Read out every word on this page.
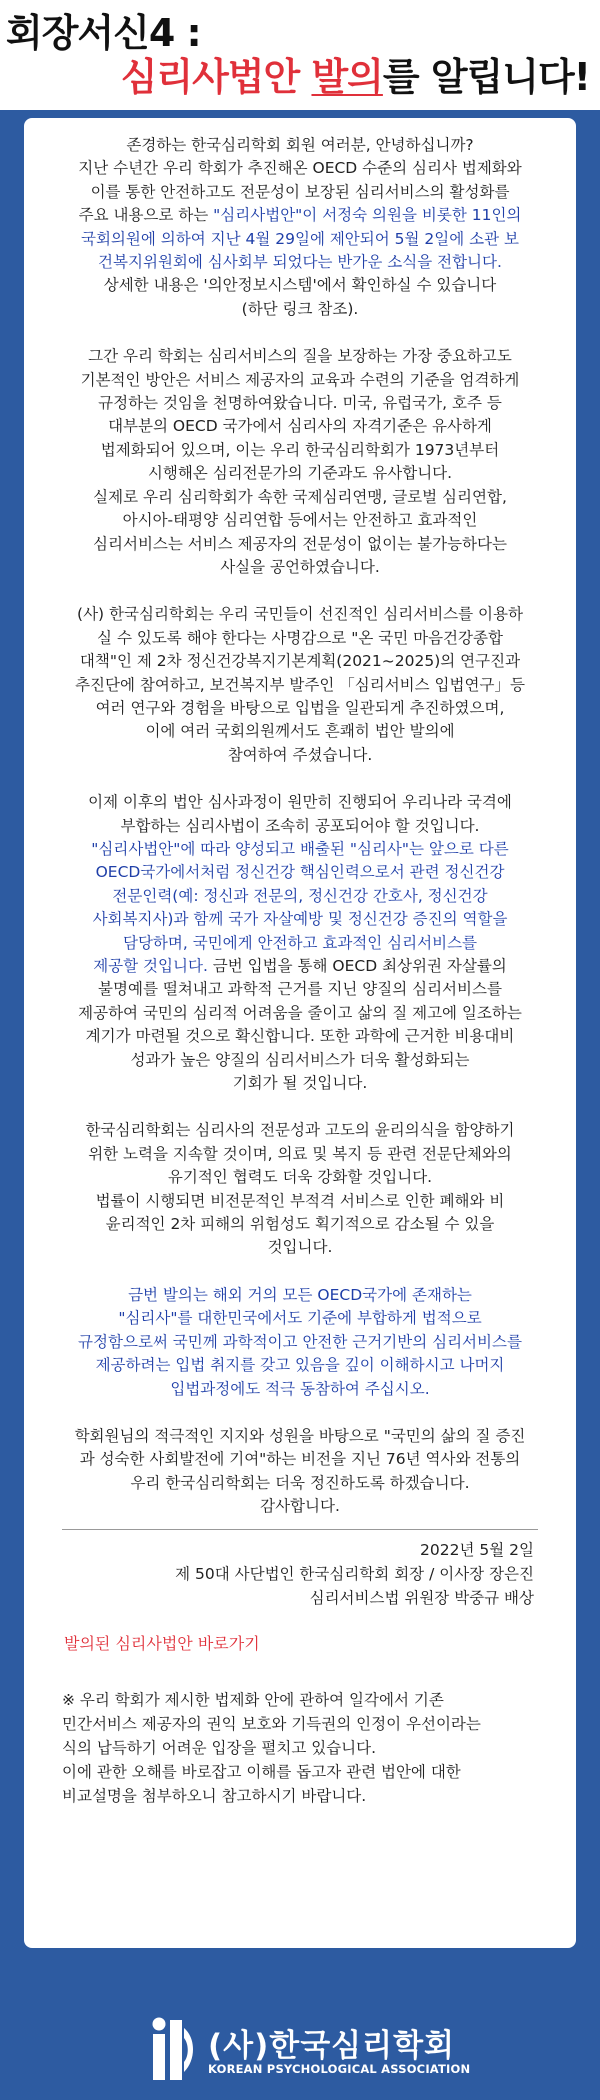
회장서신4 :
심리사법안 발의를 알립니다!
존경하는 한국심리학회 회원 여러분, 안녕하십니까?
지난 수년간 우리 학회가 추진해온 OECD 수준의 심리사 법제화와
이를 통한 안전하고도 전문성이 보장된 심리서비스의 활성화를
주요 내용으로 하는 "심리사법안"이 서정숙 의원을 비롯한 11인의
국회의원에 의하여 지난 4월 29일에 제안되어 5월 2일에 소관 보
건복지위원회에 심사회부 되었다는 반가운 소식을 전합니다.
상세한 내용은 '의안정보시스템'에서 확인하실 수 있습니다
(하단 링크 참조).
그간 우리 학회는 심리서비스의 질을 보장하는 가장 중요하고도
기본적인 방안은 서비스 제공자의 교육과 수련의 기준을 엄격하게
규정하는 것임을 천명하여왔습니다. 미국, 유럽국가, 호주 등
대부분의 OECD 국가에서 심리사의 자격기준은 유사하게
법제화되어 있으며, 이는 우리 한국심리학회가 1973년부터
시행해온 심리전문가의 기준과도 유사합니다.
실제로 우리 심리학회가 속한 국제심리연맹, 글로벌 심리연합,
아시아-태평양 심리연합 등에서는 안전하고 효과적인
심리서비스는 서비스 제공자의 전문성이 없이는 불가능하다는
사실을 공언하였습니다.
(사) 한국심리학회는 우리 국민들이 선진적인 심리서비스를 이용하
실 수 있도록 해야 한다는 사명감으로 "온 국민 마음건강종합
대책"인 제 2차 정신건강복지기본계획(2021~2025)의 연구진과
추진단에 참여하고, 보건복지부 발주인 「심리서비스 입법연구」등
여러 연구와 경험을 바탕으로 입법을 일관되게 추진하였으며,
이에 여러 국회의원께서도 흔쾌히 법안 발의에
참여하여 주셨습니다.
이제 이후의 법안 심사과정이 원만히 진행되어 우리나라 국격에
부합하는 심리사법이 조속히 공포되어야 할 것입니다.
"심리사법안"에 따라 양성되고 배출된 "심리사"는 앞으로 다른
OECD국가에서처럼 정신건강 핵심인력으로서 관련 정신건강
전문인력(예: 정신과 전문의, 정신건강 간호사, 정신건강
사회복지사)과 함께 국가 자살예방 및 정신건강 증진의 역할을
담당하며, 국민에게 안전하고 효과적인 심리서비스를
제공할 것입니다. 금번 입법을 통해 OECD 최상위권 자살률의
불명예를 떨쳐내고 과학적 근거를 지닌 양질의 심리서비스를
제공하여 국민의 심리적 어려움을 줄이고 삶의 질 제고에 일조하는
계기가 마련될 것으로 확신합니다. 또한 과학에 근거한 비용대비
성과가 높은 양질의 심리서비스가 더욱 활성화되는
기회가 될 것입니다.
한국심리학회는 심리사의 전문성과 고도의 윤리의식을 함양하기
위한 노력을 지속할 것이며, 의료 및 복지 등 관련 전문단체와의
유기적인 협력도 더욱 강화할 것입니다.
법률이 시행되면 비전문적인 부적격 서비스로 인한 폐해와 비
윤리적인 2차 피해의 위험성도 획기적으로 감소될 수 있을
것입니다.
금번 발의는 해외 거의 모든 OECD국가에 존재하는
"심리사"를 대한민국에서도 기준에 부합하게 법적으로
규정함으로써 국민께 과학적이고 안전한 근거기반의 심리서비스를
제공하려는 입법 취지를 갖고 있음을 깊이 이해하시고 나머지
입법과정에도 적극 동참하여 주십시오.
학회원님의 적극적인 지지와 성원을 바탕으로 "국민의 삶의 질 증진
과 성숙한 사회발전에 기여"하는 비전을 지닌 76년 역사와 전통의
우리 한국심리학회는 더욱 정진하도록 하겠습니다.
감사합니다.
2022년 5월 2일
제 50대 사단법인 한국심리학회 회장 / 이사장 장은진
심리서비스법 위원장 박중규 배상
발의된 심리사법안 바로가기
※ 우리 학회가 제시한 법제화 안에 관하여 일각에서 기존
민간서비스 제공자의 권익 보호와 기득권의 인정이 우선이라는
식의 납득하기 어려운 입장을 펼치고 있습니다.
이에 관한 오해를 바로잡고 이해를 돕고자 관련 법안에 대한
비교설명을 첨부하오니 참고하시기 바랍니다.
(사)한국심리학회
KOREAN PSYCHOLOGICAL ASSOCIATION
